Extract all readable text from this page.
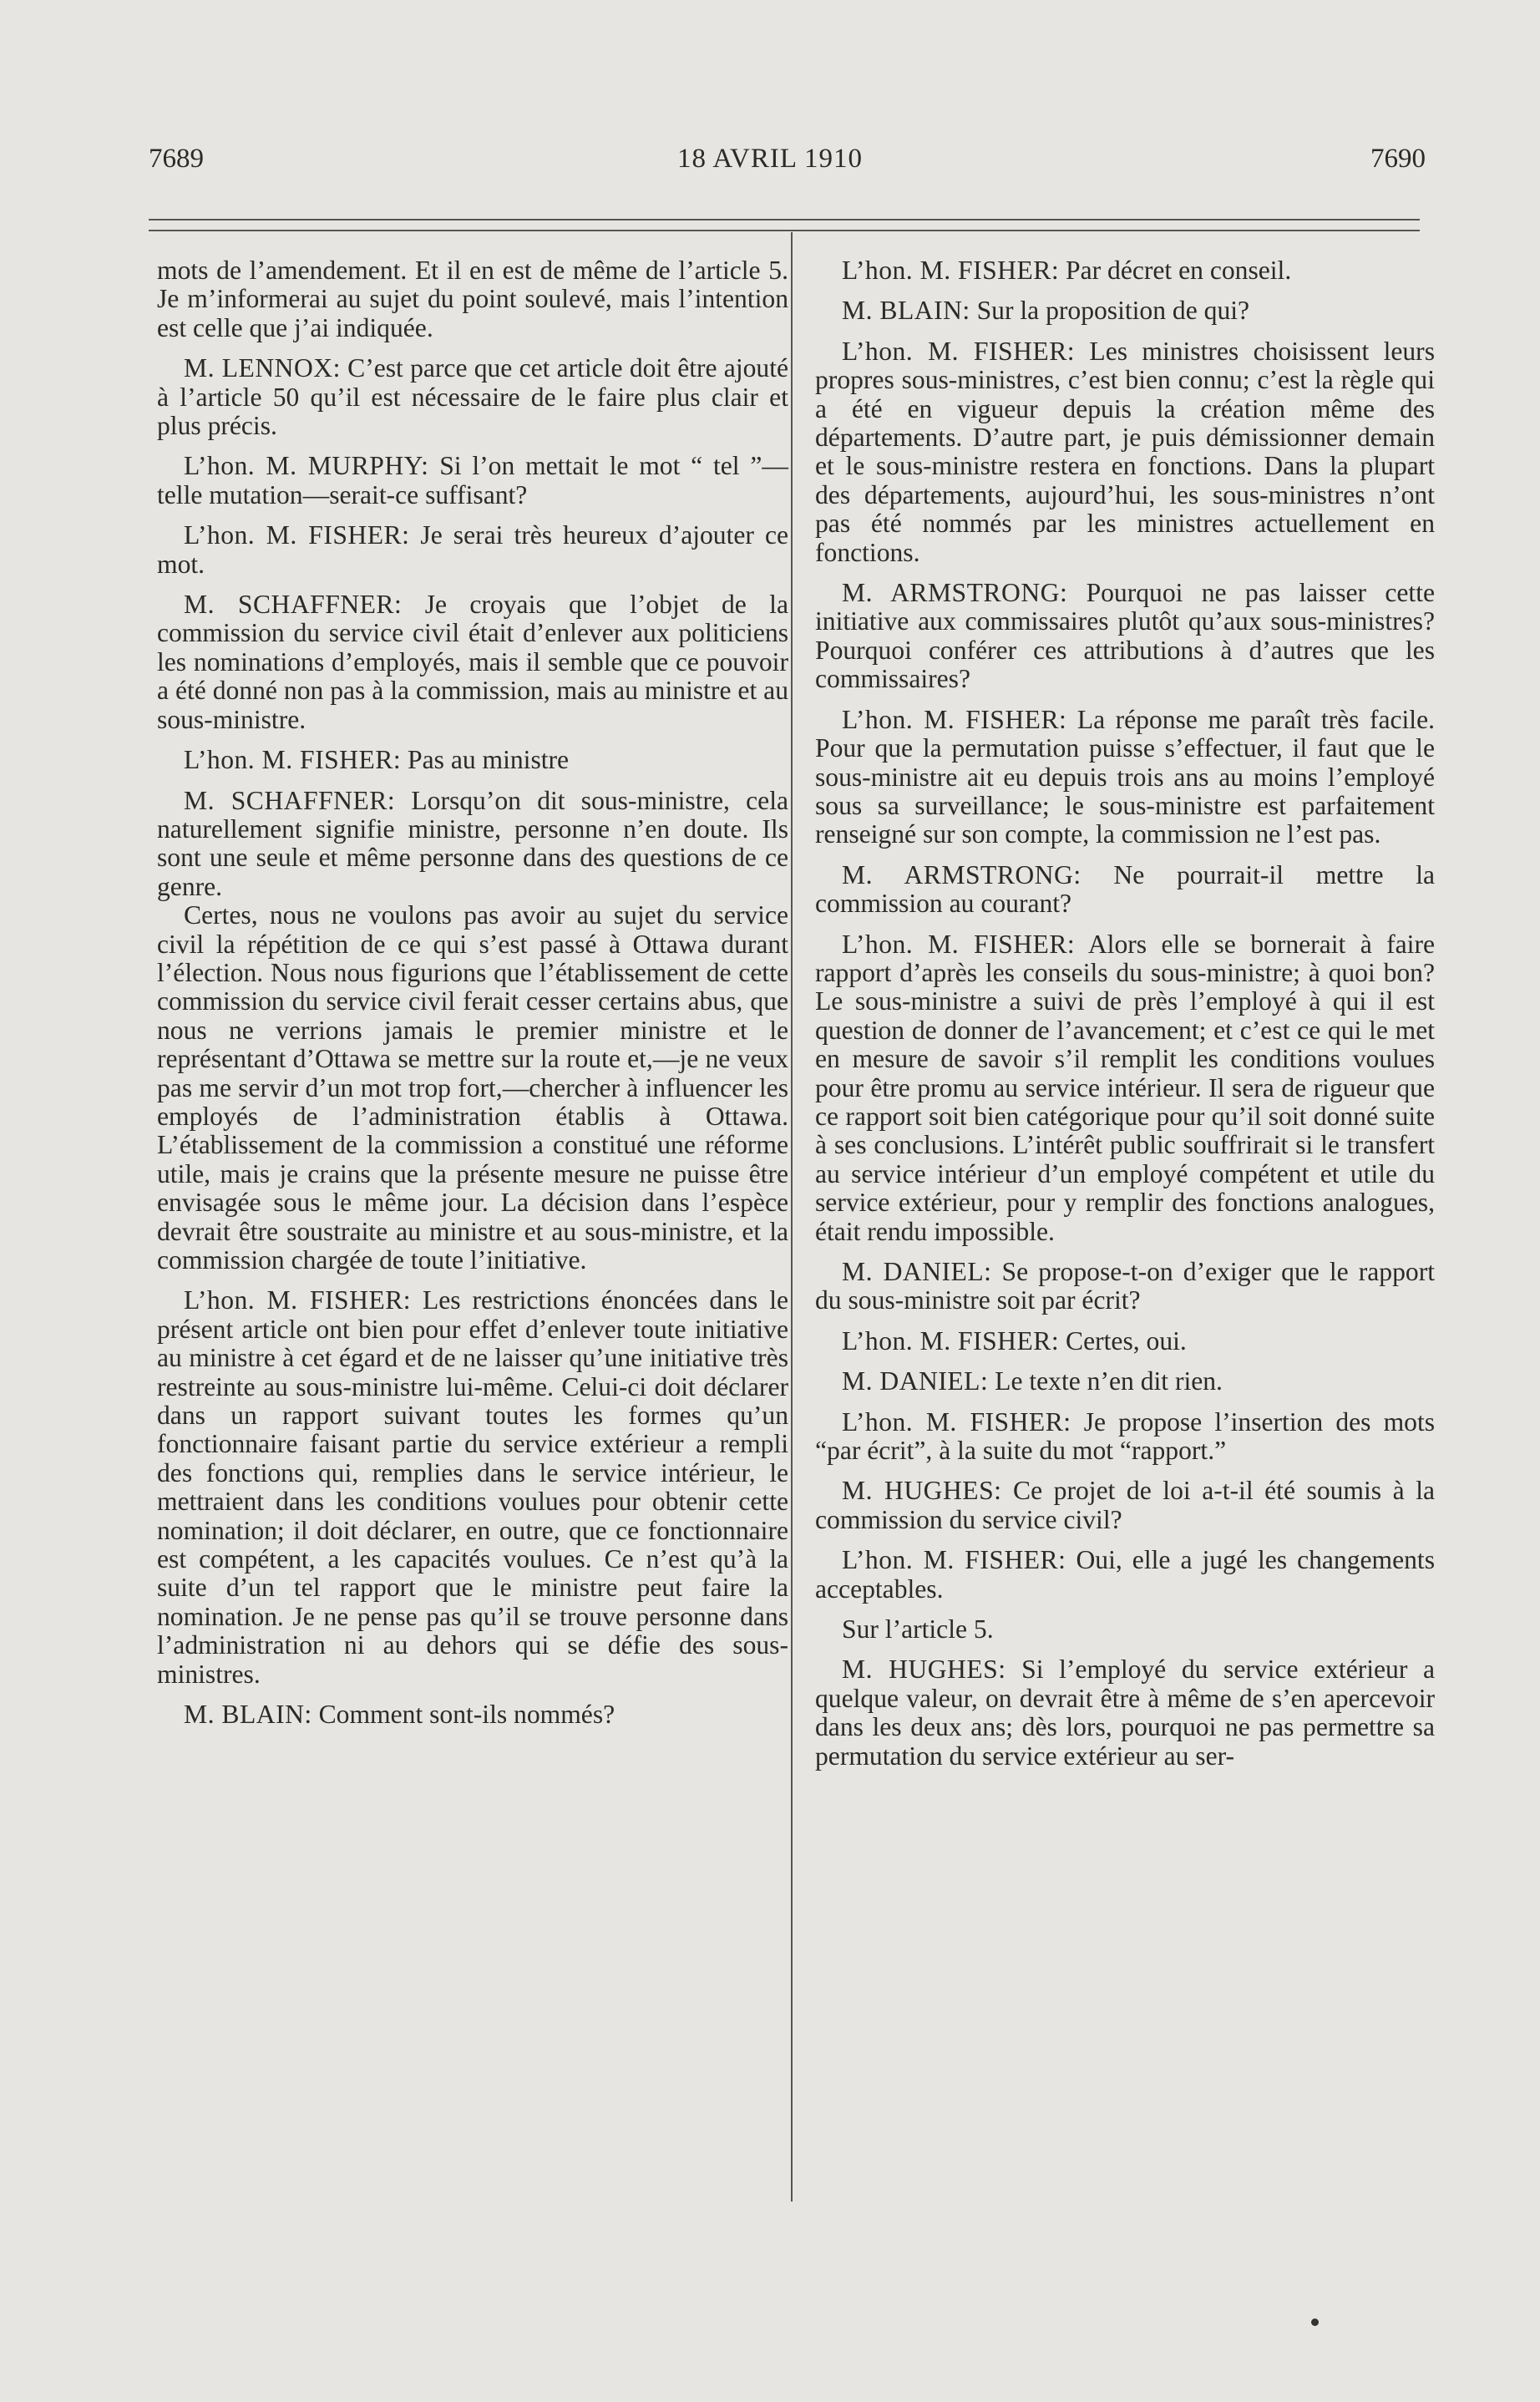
7689	18 AVRIL 1910	7690

mots de l’amendement. Et il en est de même de l’article 5. Je m’informerai au sujet du point soulevé, mais l’intention est celle que j’ai indiquée.

M. LENNOX: C’est parce que cet article doit être ajouté à l’article 50 qu’il est nécessaire de le faire plus clair et plus précis.

L’hon. M. MURPHY: Si l’on mettait le mot “ tel ”—telle mutation—serait-ce suffisant?

L’hon. M. FISHER: Je serai très heureux d’ajouter ce mot.

M. SCHAFFNER: Je croyais que l’objet de la commission du service civil était d’enlever aux politiciens les nominations d’employés, mais il semble que ce pouvoir a été donné non pas à la commission, mais au ministre et au sous-ministre.

L’hon. M. FISHER: Pas au ministre

M. SCHAFFNER: Lorsqu’on dit sous-ministre, cela naturellement signifie ministre, personne n’en doute. Ils sont une seule et même personne dans des questions de ce genre.

Certes, nous ne voulons pas avoir au sujet du service civil la répétition de ce qui s’est passé à Ottawa durant l’élection. Nous nous figurions que l’établissement de cette commission du service civil ferait cesser certains abus, que nous ne verrions jamais le premier ministre et le représentant d’Ottawa se mettre sur la route et,—je ne veux pas me servir d’un mot trop fort,—chercher à influencer les employés de l’administration établis à Ottawa. L’établissement de la commission a constitué une réforme utile, mais je crains que la présente mesure ne puisse être envisagée sous le même jour. La décision dans l’espèce devrait être soustraite au ministre et au sous-ministre, et la commission chargée de toute l’initiative.

L’hon. M. FISHER: Les restrictions énoncées dans le présent article ont bien pour effet d’enlever toute initiative au ministre à cet égard et de ne laisser qu’une initiative très restreinte au sous-ministre lui-même. Celui-ci doit déclarer dans un rapport suivant toutes les formes qu’un fonctionnaire faisant partie du service extérieur a rempli des fonctions qui, remplies dans le service intérieur, le mettraient dans les conditions voulues pour obtenir cette nomination; il doit déclarer, en outre, que ce fonctionnaire est compétent, a les capacités voulues. Ce n’est qu’à la suite d’un tel rapport que le ministre peut faire la nomination. Je ne pense pas qu’il se trouve personne dans l’administration ni au dehors qui se défie des sous-ministres.

M. BLAIN: Comment sont-ils nommés?

L’hon. M. FISHER: Par décret en conseil.

M. BLAIN: Sur la proposition de qui?

L’hon. M. FISHER: Les ministres choisissent leurs propres sous-ministres, c’est bien connu; c’est la règle qui a été en vigueur depuis la création même des départements. D’autre part, je puis démissionner demain et le sous-ministre restera en fonctions. Dans la plupart des départements, aujourd’hui, les sous-ministres n’ont pas été nommés par les ministres actuellement en fonctions.

M. ARMSTRONG: Pourquoi ne pas laisser cette initiative aux commissaires plutôt qu’aux sous-ministres? Pourquoi conférer ces attributions à d’autres que les commissaires?

L’hon. M. FISHER: La réponse me paraît très facile. Pour que la permutation puisse s’effectuer, il faut que le sous-ministre ait eu depuis trois ans au moins l’employé sous sa surveillance; le sous-ministre est parfaitement renseigné sur son compte, la commission ne l’est pas.

M. ARMSTRONG: Ne pourrait-il mettre la commission au courant?

L’hon. M. FISHER: Alors elle se bornerait à faire rapport d’après les conseils du sous-ministre; à quoi bon? Le sous-ministre a suivi de près l’employé à qui il est question de donner de l’avancement; et c’est ce qui le met en mesure de savoir s’il remplit les conditions voulues pour être promu au service intérieur. Il sera de rigueur que ce rapport soit bien catégorique pour qu’il soit donné suite à ses conclusions. L’intérêt public souffrirait si le transfert au service intérieur d’un employé compétent et utile du service extérieur, pour y remplir des fonctions analogues, était rendu impossible.

M. DANIEL: Se propose-t-on d’exiger que le rapport du sous-ministre soit par écrit?

L’hon. M. FISHER: Certes, oui.

M. DANIEL: Le texte n’en dit rien.

L’hon. M. FISHER: Je propose l’insertion des mots “par écrit”, à la suite du mot “rapport.”

M. HUGHES: Ce projet de loi a-t-il été soumis à la commission du service civil?

L’hon. M. FISHER: Oui, elle a jugé les changements acceptables.

Sur l’article 5.

M. HUGHES: Si l’employé du service extérieur a quelque valeur, on devrait être à même de s’en apercevoir dans les deux ans; dès lors, pourquoi ne pas permettre sa permutation du service extérieur au ser-
